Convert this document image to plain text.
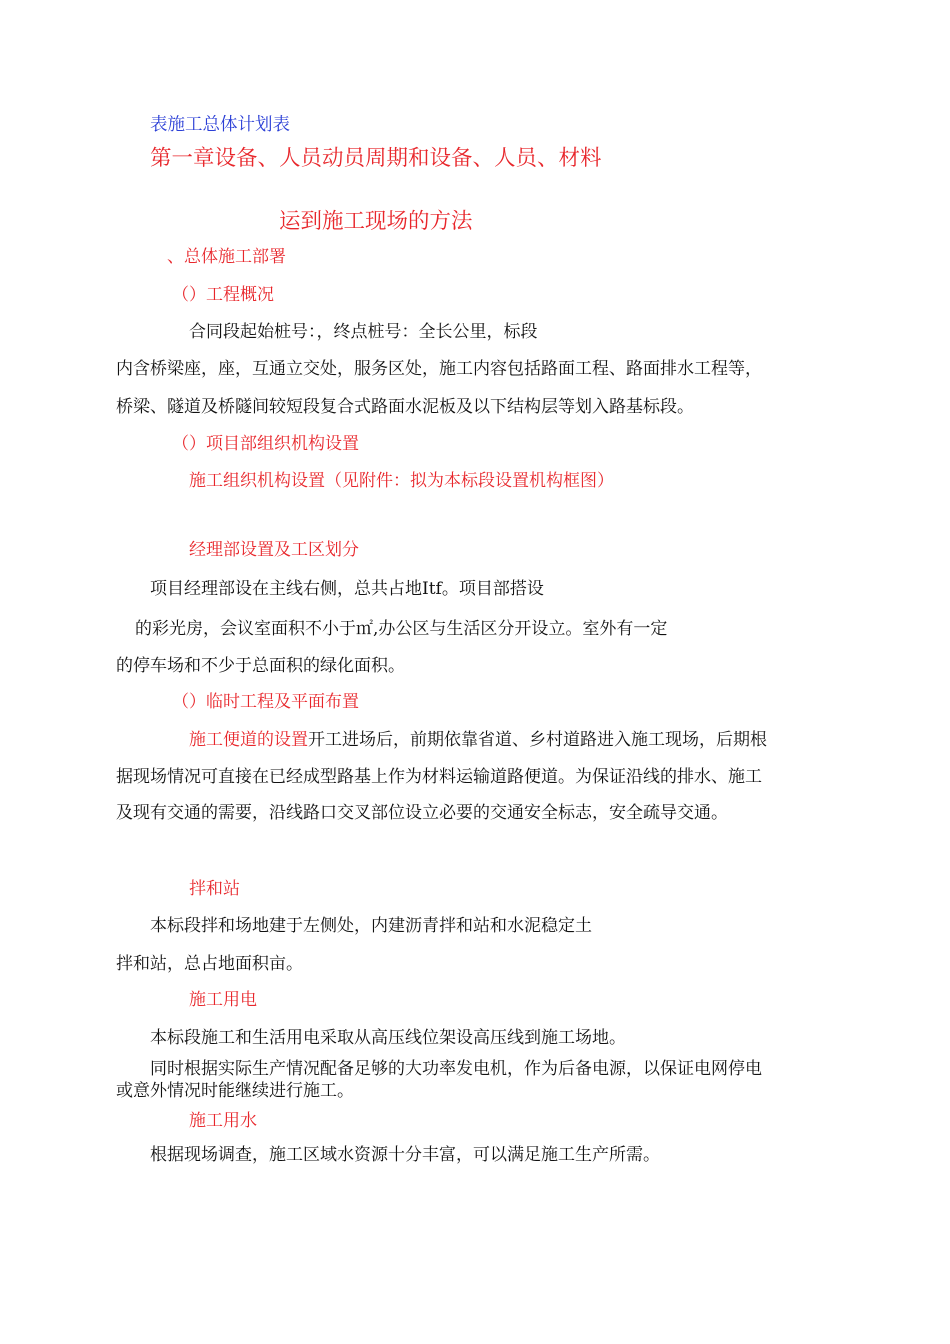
表施工总体计划表
第一章设备、人员动员周期和设备、人员、材料
运到施工现场的方法
、总体施工部署
（）工程概况
合同段起始桩号：，终点桩号：全长公里，标段
内含桥梁座，座，互通立交处，服务区处，施工内容包括路面工程、路面排水工程等，
桥梁、隧道及桥隧间较短段复合式路面水泥板及以下结构层等划入路基标段。
（）项目部组织机构设置
施工组织机构设置（见附件：拟为本标段设置机构框图）
经理部设置及工区划分
项目经理部设在主线右侧，总共占地Itf。项目部搭设
的彩光房，会议室面积不小于㎡,办公区与生活区分开设立。室外有一定
的停车场和不少于总面积的绿化面积。
（）临时工程及平面布置
施工便道的设置开工进场后，前期依靠省道、乡村道路进入施工现场，后期根
据现场情况可直接在已经成型路基上作为材料运输道路便道。为保证沿线的排水、施工
及现有交通的需要，沿线路口交叉部位设立必要的交通安全标志，安全疏导交通。
拌和站
本标段拌和场地建于左侧处，内建沥青拌和站和水泥稳定土
拌和站，总占地面积亩。
施工用电
本标段施工和生活用电采取从高压线位架设高压线到施工场地。
同时根据实际生产情况配备足够的大功率发电机，作为后备电源，以保证电网停电
或意外情况时能继续进行施工。
施工用水
根据现场调查，施工区域水资源十分丰富，可以满足施工生产所需。
